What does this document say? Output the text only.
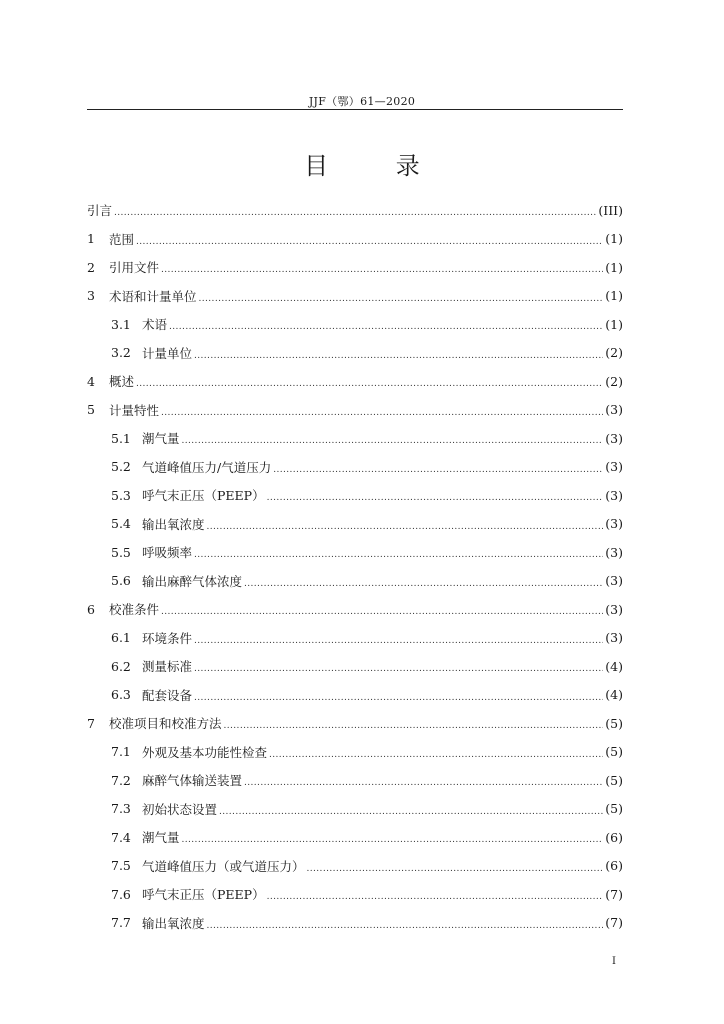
JJF（鄂）61—2020
目 录
引言 .....	(III)
1	范围 .....	(1)
2	引用文件 .....	(1)
3	术语和计量单位 .....	(1)
3.1 术语 .....	(1)
3.2 计量单位 .....	(2)
4	概述 .....	(2)
5	计量特性 .....	(3)
5.1 潮气量 .....	(3)
5.2 气道峰值压力/气道压力 .....	(3)
5.3 呼气末正压（PEEP） .....	(3)
5.4 输出氧浓度 .....	(3)
5.5 呼吸频率 .....	(3)
5.6 输出麻醉气体浓度 .....	(3)
6	校准条件 .....	(3)
6.1 环境条件 .....	(3)
6.2 测量标准 .....	(4)
6.3 配套设备 .....	(4)
7	校准项目和校准方法 .....	(5)
7.1 外观及基本功能性检查 .....	(5)
7.2 麻醉气体输送装置 .....	(5)
7.3 初始状态设置 .....	(5)
7.4 潮气量 .....	(6)
7.5 气道峰值压力（或气道压力） .....	(6)
7.6 呼气末正压（PEEP） .....	(7)
7.7 输出氧浓度 .....	(7)
I
